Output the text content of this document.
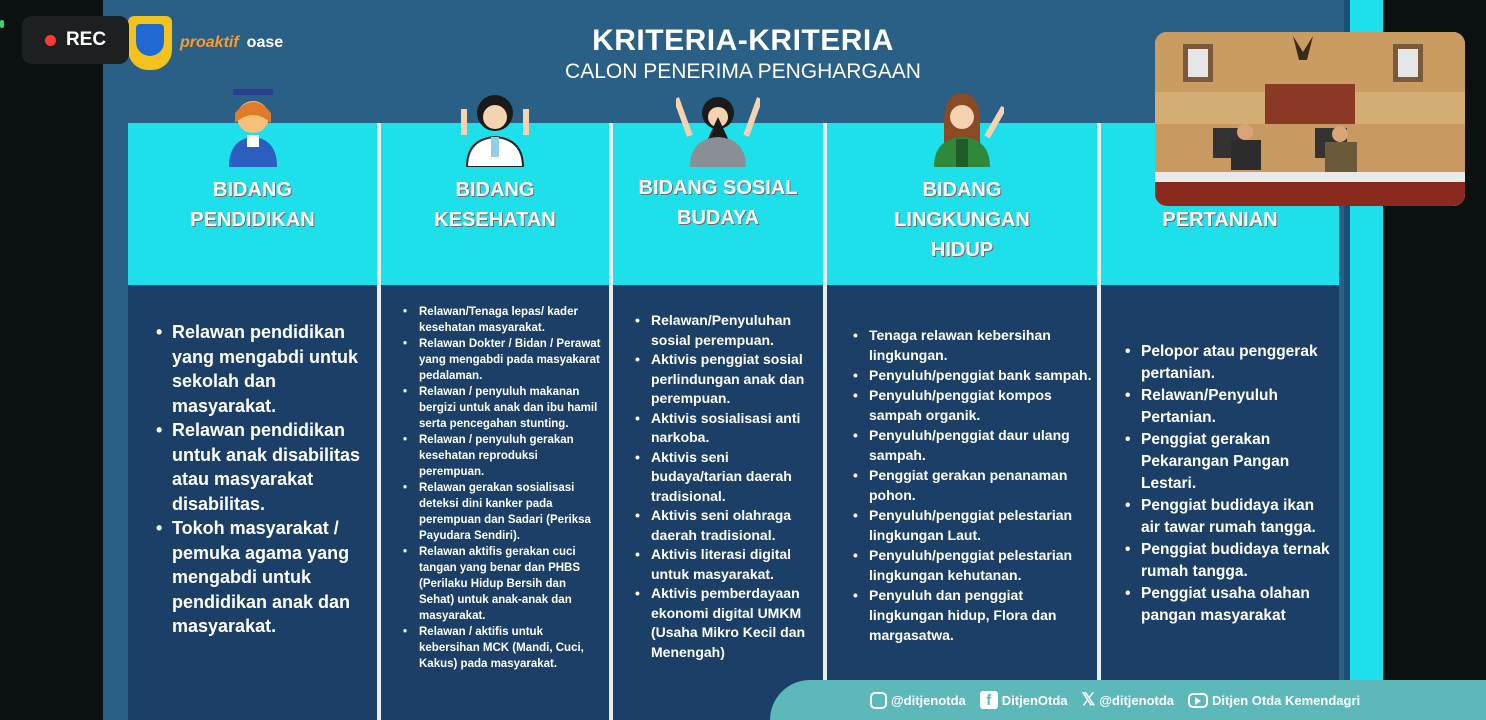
REC	proaktif oase	KRITERIA-KRITERIA
CALON PENERIMA PENGHARGAAN
BIDANG
PENDIDIKAN
• Relawan pendidikan yang mengabdi untuk sekolah dan masyarakat.
• Relawan pendidikan untuk anak disabilitas atau masyarakat disabilitas.
• Tokoh masyarakat / pemuka agama yang mengabdi untuk pendidikan anak dan masyarakat.
BIDANG
KESEHATAN
• Relawan/Tenaga lepas/ kader kesehatan masyarakat.
• Relawan Dokter / Bidan / Perawat yang mengabdi pada masyakarat pedalaman.
• Relawan / penyuluh makanan bergizi untuk anak dan ibu hamil serta pencegahan stunting.
• Relawan / penyuluh gerakan kesehatan reproduksi perempuan.
• Relawan gerakan sosialisasi deteksi dini kanker pada perempuan dan Sadari (Periksa Payudara Sendiri).
• Relawan aktifis gerakan cuci tangan yang benar dan PHBS (Perilaku Hidup Bersih dan Sehat) untuk anak-anak dan masyarakat.
• Relawan / aktifis untuk kebersihan MCK (Mandi, Cuci, Kakus) pada masyarakat.
BIDANG SOSIAL
BUDAYA
• Relawan/Penyuluhan sosial perempuan.
• Aktivis penggiat sosial perlindungan anak dan perempuan.
• Aktivis sosialisasi anti narkoba.
• Aktivis seni budaya/tarian daerah tradisional.
• Aktivis seni olahraga daerah tradisional.
• Aktivis literasi digital untuk masyarakat.
• Aktivis pemberdayaan ekonomi digital UMKM (Usaha Mikro Kecil dan Menengah)
BIDANG
LINGKUNGAN
HIDUP
• Tenaga relawan kebersihan lingkungan.
• Penyuluh/penggiat bank sampah.
• Penyuluh/penggiat kompos sampah organik.
• Penyuluh/penggiat daur ulang sampah.
• Penggiat gerakan penanaman pohon.
• Penyuluh/penggiat pelestarian lingkungan Laut.
• Penyuluh/penggiat pelestarian lingkungan kehutanan.
• Penyuluh dan penggiat lingkungan hidup, Flora dan margasatwa.
PERTANIAN
• Pelopor atau penggerak pertanian.
• Relawan/Penyuluh Pertanian.
• Penggiat gerakan Pekarangan Pangan Lestari.
• Penggiat budidaya ikan air tawar rumah tangga.
• Penggiat budidaya ternak rumah tangga.
• Penggiat usaha olahan pangan masyarakat
@ditjenotda	f DitjenOtda 𝕏 @ditjenotda	Ditjen Otda Kemendagri
